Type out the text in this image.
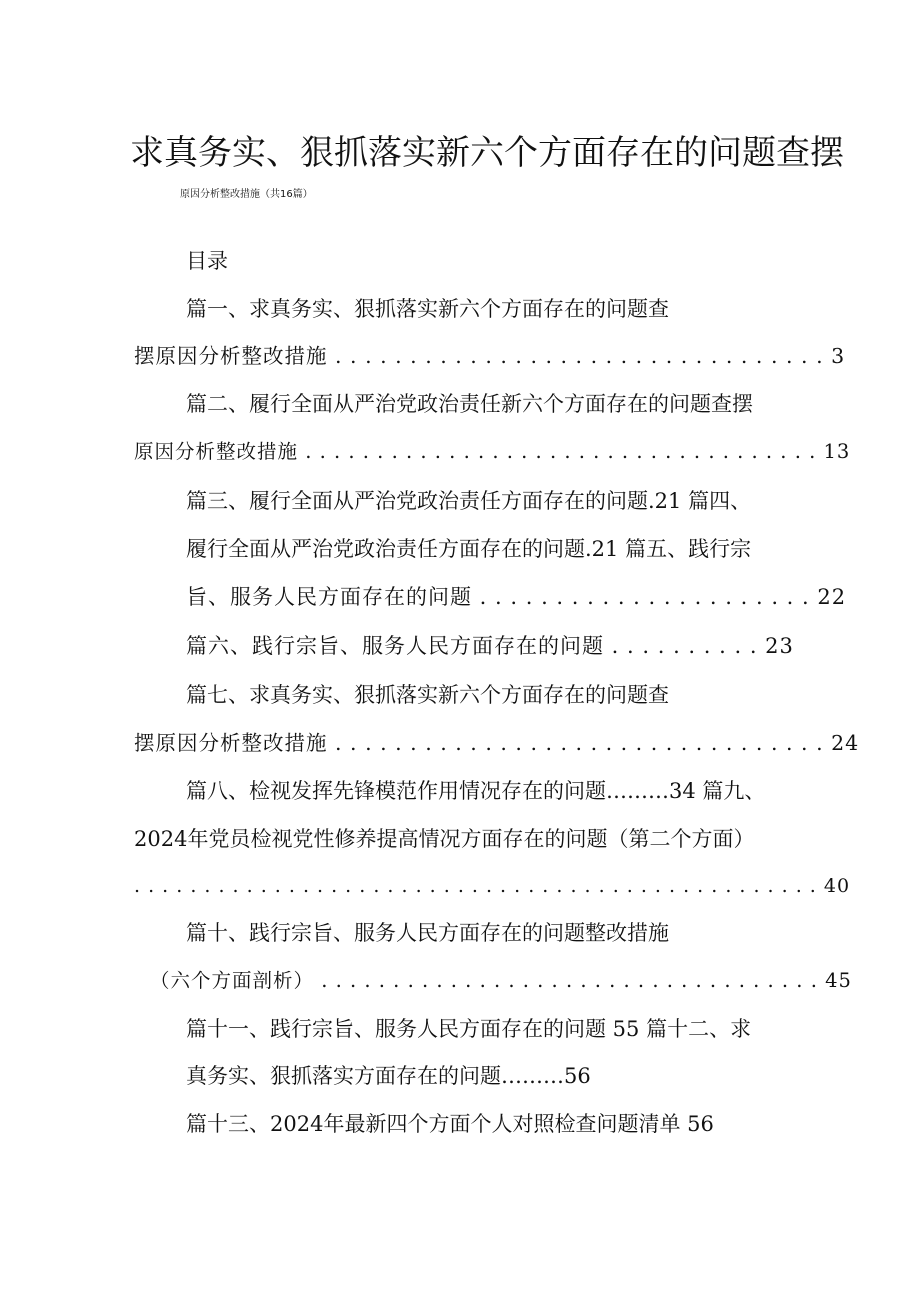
求真务实、狠抓落实新六个方面存在的问题查摆
原因分析整改措施（共16篇）
目录
篇一、求真务实、狠抓落实新六个方面存在的问题查
摆原因分析整改措施 . . . . . . . . . . . . . . . . . . . . . . . . . . . . . . . . . 3
篇二、履行全面从严治党政治责任新六个方面存在的问题查摆
原因分析整改措施 . . . . . . . . . . . . . . . . . . . . . . . . . . . . . . . . . . . . 13
篇三、履行全面从严治党政治责任方面存在的问题.21 篇四、
履行全面从严治党政治责任方面存在的问题.21 篇五、践行宗
旨、服务人民方面存在的问题 . . . . . . . . . . . . . . . . . . . . . . 22
篇六、践行宗旨、服务人民方面存在的问题 . . . . . . . . . . 23
篇七、求真务实、狠抓落实新六个方面存在的问题查
摆原因分析整改措施 . . . . . . . . . . . . . . . . . . . . . . . . . . . . . . . . . 24
篇八、检视发挥先锋模范作用情况存在的问题………34 篇九、
2024年党员检视党性修养提高情况方面存在的问题（第二个方面）
. . . . . . . . . . . . . . . . . . . . . . . . . . . . . . . . . . . . . . . . . . . . . . . . . 40
篇十、践行宗旨、服务人民方面存在的问题整改措施
（六个方面剖析） . . . . . . . . . . . . . . . . . . . . . . . . . . . . . . . . . . . 45
篇十一、践行宗旨、服务人民方面存在的问题 55 篇十二、求
真务实、狠抓落实方面存在的问题………56
篇十三、2024年最新四个方面个人对照检查问题清单 56
